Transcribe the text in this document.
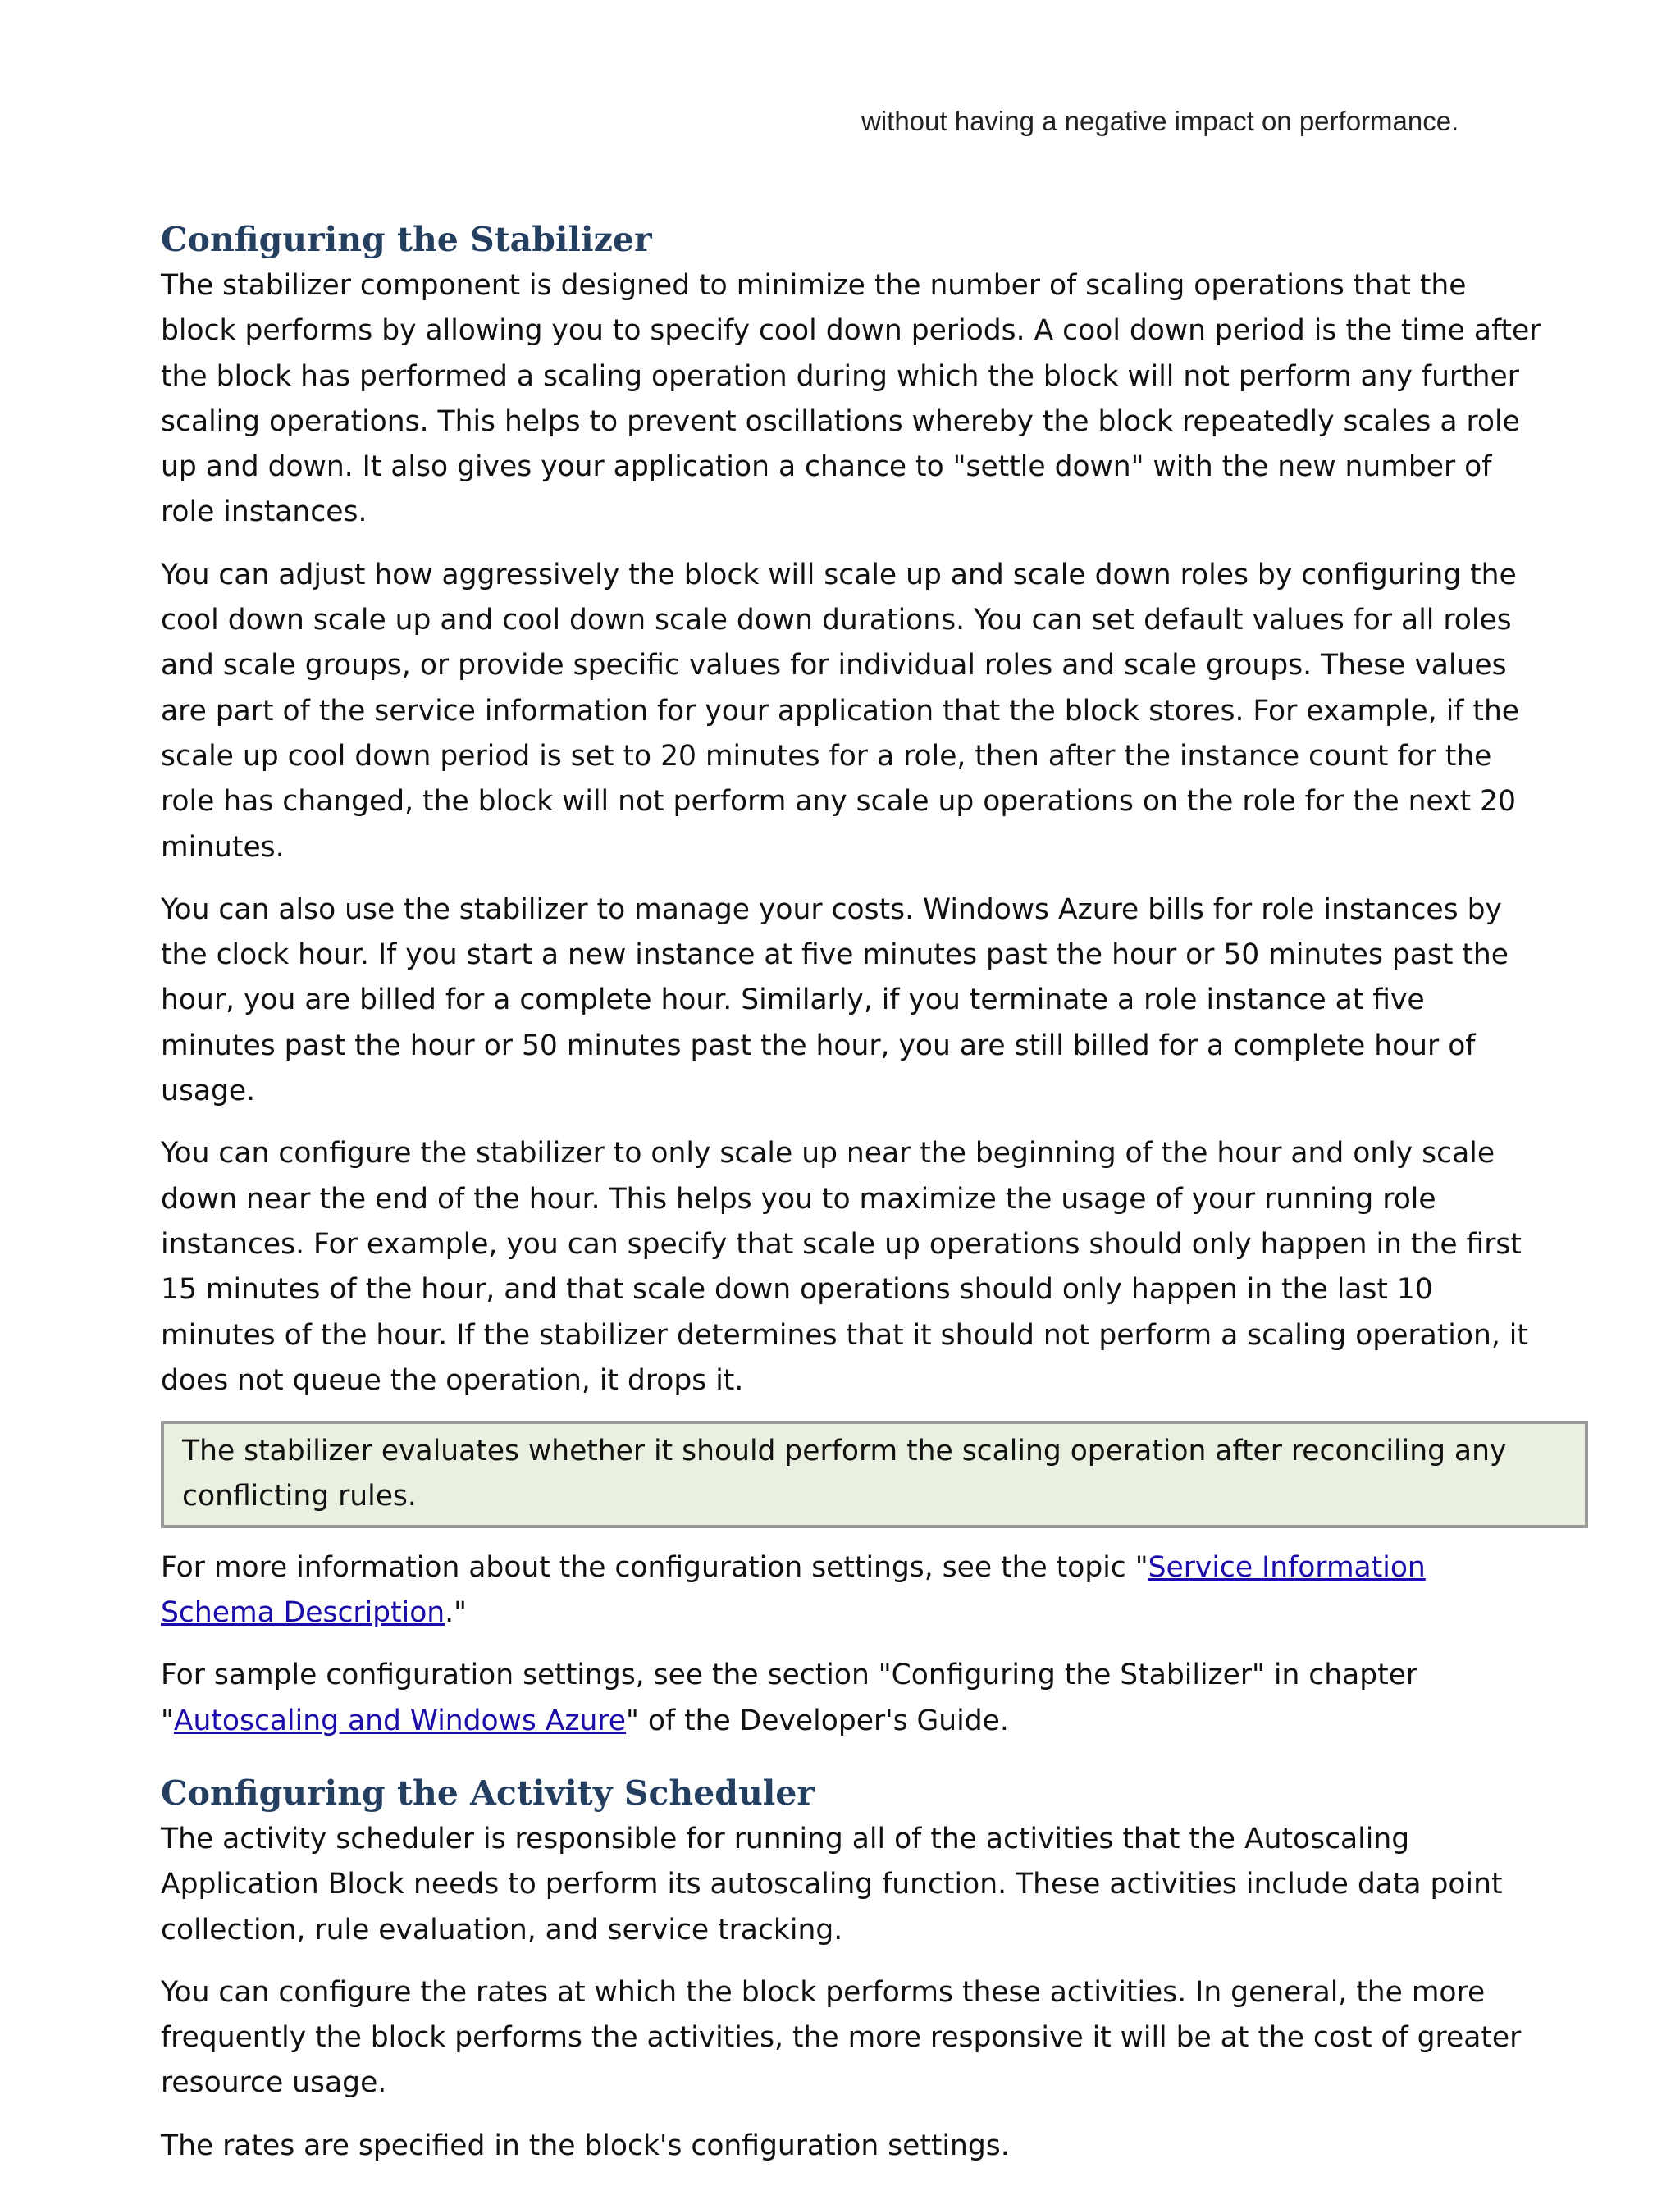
without having a negative impact on performance.
Configuring the Stabilizer

The stabilizer component is designed to minimize the number of scaling operations that the block performs by allowing you to specify cool down periods. A cool down period is the time after the block has performed a scaling operation during which the block will not perform any further scaling operations. This helps to prevent oscillations whereby the block repeatedly scales a role up and down. It also gives your application a chance to "settle down" with the new number of role instances.

You can adjust how aggressively the block will scale up and scale down roles by configuring the cool down scale up and cool down scale down durations. You can set default values for all roles and scale groups, or provide specific values for individual roles and scale groups. These values are part of the service information for your application that the block stores. For example, if the scale up cool down period is set to 20 minutes for a role, then after the instance count for the role has changed, the block will not perform any scale up operations on the role for the next 20 minutes.

You can also use the stabilizer to manage your costs. Windows Azure bills for role instances by the clock hour. If you start a new instance at five minutes past the hour or 50 minutes past the hour, you are billed for a complete hour. Similarly, if you terminate a role instance at five minutes past the hour or 50 minutes past the hour, you are still billed for a complete hour of usage.

You can configure the stabilizer to only scale up near the beginning of the hour and only scale down near the end of the hour. This helps you to maximize the usage of your running role instances. For example, you can specify that scale up operations should only happen in the first 15 minutes of the hour, and that scale down operations should only happen in the last 10 minutes of the hour. If the stabilizer determines that it should not perform a scaling operation, it does not queue the operation, it drops it.

The stabilizer evaluates whether it should perform the scaling operation after reconciling any conflicting rules.

For more information about the configuration settings, see the topic "Service Information Schema Description."

For sample configuration settings, see the section "Configuring the Stabilizer" in chapter "Autoscaling and Windows Azure" of the Developer's Guide.

Configuring the Activity Scheduler

The activity scheduler is responsible for running all of the activities that the Autoscaling Application Block needs to perform its autoscaling function. These activities include data point collection, rule evaluation, and service tracking.

You can configure the rates at which the block performs these activities. In general, the more frequently the block performs the activities, the more responsive it will be at the cost of greater resource usage.

The rates are specified in the block's configuration settings.
